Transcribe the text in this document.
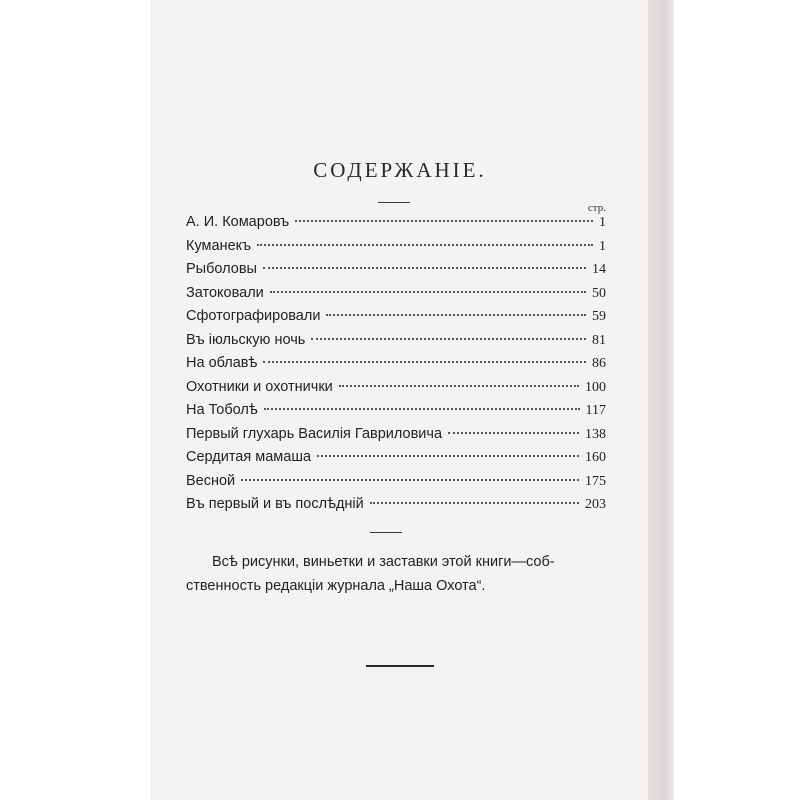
СОДЕРЖАНІЕ.
стр.
А. И. Комаровъ	1
Куманекъ	1
Рыболовы	14
Затоковали	50
Сфотографировали	59
Въ іюльскую ночь	81
На облавѣ	86
Охотники и охотнички	100
На Тоболѣ	117
Первый глухарь Василія Гавриловича	138
Сердитая мамаша	160
Весной	175
Въ первый и въ послѣдній	203
Всѣ рисунки, виньетки и заставки этой книги—соб-
ственность редакціи журнала „Наша Охота“.
